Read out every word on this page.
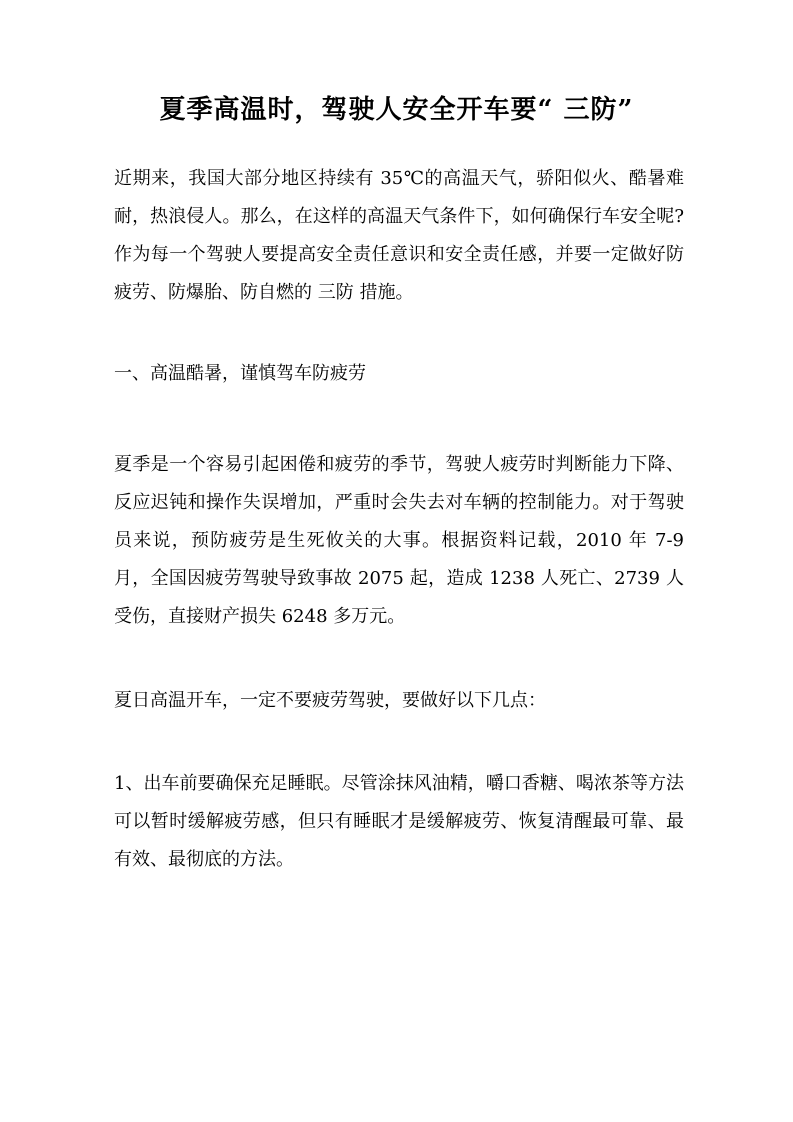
夏季高温时，驾驶人安全开车要“ 三防”

近期来，我国大部分地区持续有 35℃的高温天气，骄阳似火、酷暑难耐，热浪侵人。那么，在这样的高温天气条件下，如何确保行车安全呢?作为每一个驾驶人要提高安全责任意识和安全责任感，并要一定做好防疲劳、防爆胎、防自燃的 三防 措施。

一、高温酷暑，谨慎驾车防疲劳

夏季是一个容易引起困倦和疲劳的季节，驾驶人疲劳时判断能力下降、反应迟钝和操作失误增加，严重时会失去对车辆的控制能力。对于驾驶员来说，预防疲劳是生死攸关的大事。根据资料记载，2010 年 7-9 月，全国因疲劳驾驶导致事故 2075 起，造成 1238 人死亡、2739 人受伤，直接财产损失 6248 多万元。

夏日高温开车，一定不要疲劳驾驶，要做好以下几点：

1、出车前要确保充足睡眠。尽管涂抹风油精，嚼口香糖、喝浓茶等方法可以暂时缓解疲劳感，但只有睡眠才是缓解疲劳、恢复清醒最可靠、最有效、最彻底的方法。
